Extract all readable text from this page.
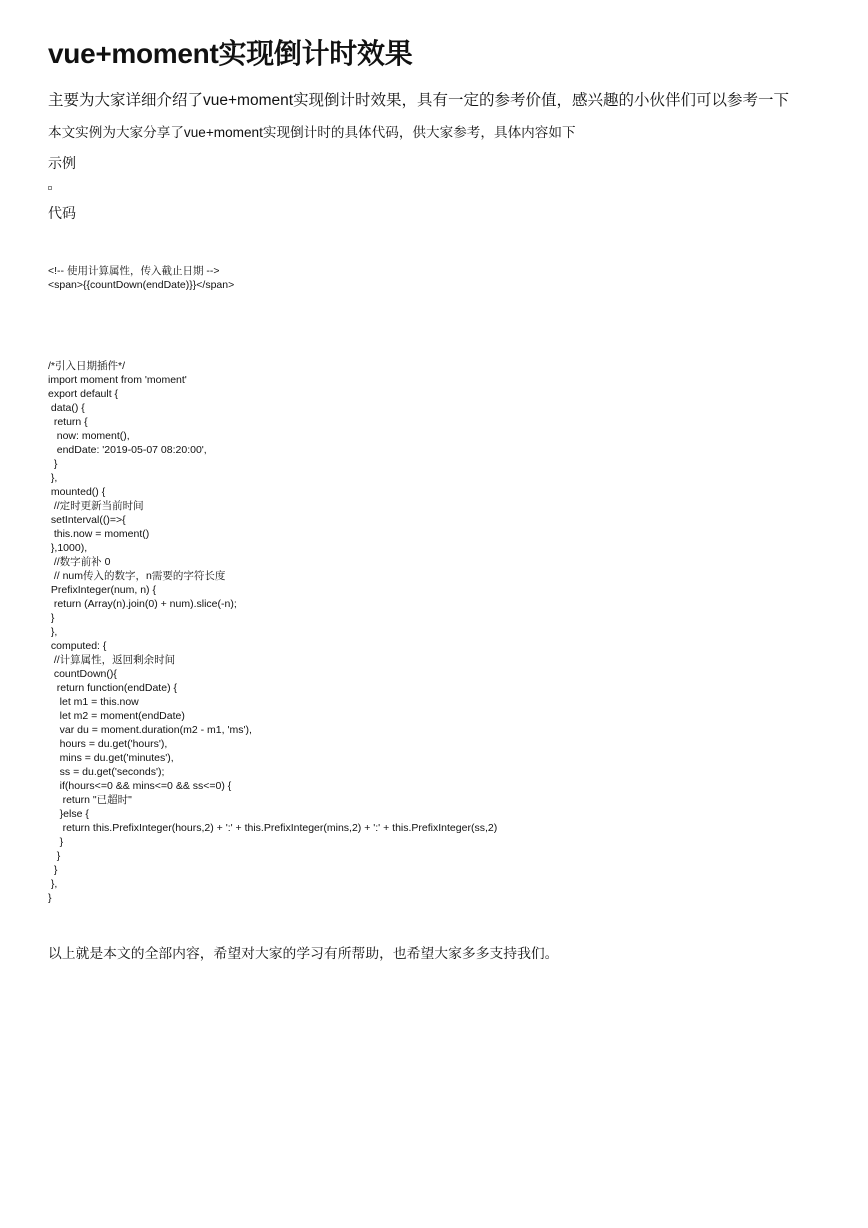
vue+moment实现倒计时效果
主要为大家详细介绍了vue+moment实现倒计时效果，具有一定的参考价值，感兴趣的小伙伴们可以参考一下
本文实例为大家分享了vue+moment实现倒计时的具体代码，供大家参考，具体内容如下
示例
代码

<!-- 使用计算属性，传入截止日期 -->
<span>{{countDown(endDate)}}</span>

/*引入日期插件*/
import moment from 'moment'
export default {
data() {
return {
now: moment(),
endDate: '2019-05-07 08:20:00',
}
},
mounted() {
//定时更新当前时间
setInterval(()=>{
this.now = moment()
},1000),
//数字前补 0
// num传入的数字，n需要的字符长度
PrefixInteger(num, n) {
return (Array(n).join(0) + num).slice(-n);
}
},
computed: {
//计算属性，返回剩余时间
countDown(){
return function(endDate) {
let m1 = this.now
let m2 = moment(endDate)
var du = moment.duration(m2 - m1, 'ms'),
hours = du.get('hours'),
mins = du.get('minutes'),
ss = du.get('seconds');
if(hours<=0 && mins<=0 && ss<=0) {
return "已超时"
}else {
return this.PrefixInteger(hours,2) + ':' + this.PrefixInteger(mins,2) + ':' + this.PrefixInteger(ss,2)
}
}
}
},
}

以上就是本文的全部内容，希望对大家的学习有所帮助，也希望大家多多支持我们。
